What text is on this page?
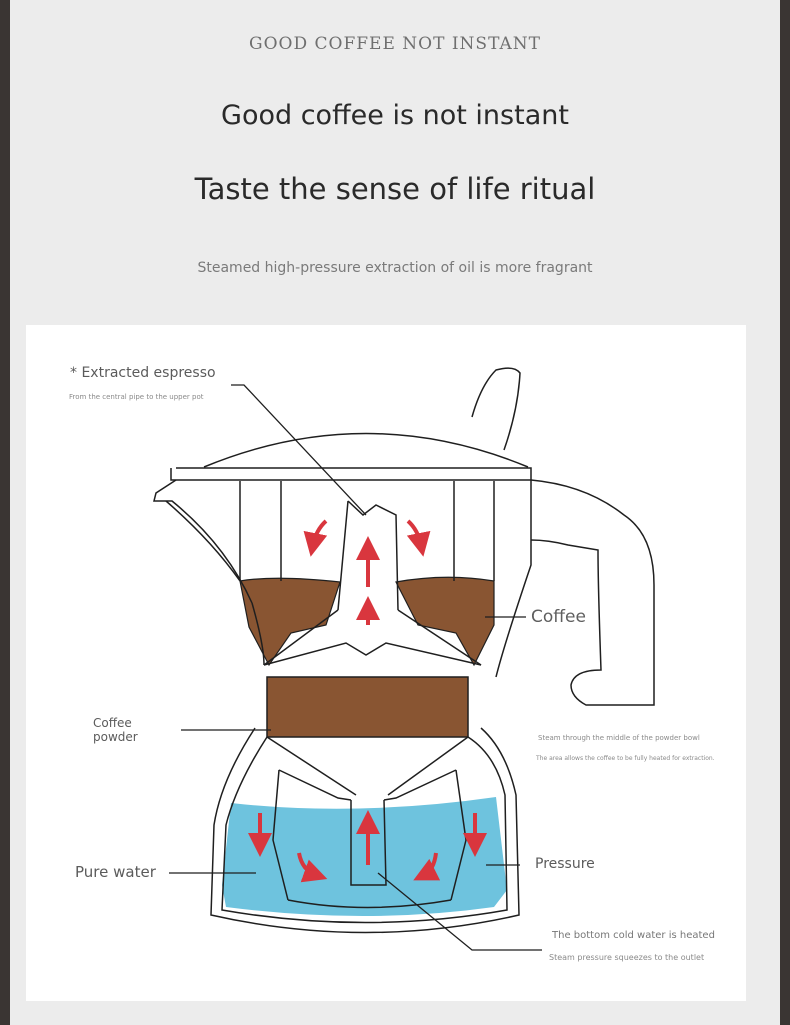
GOOD COFFEE NOT INSTANT
Good coffee is not instant
Taste the sense of life ritual
Steamed high-pressure extraction of oil is more fragrant
* Extracted espresso
From the central pipe to the upper pot
Coffee
Coffee
powder	Steam through the middle of the powder bowl
The area allows the coffee to be fully heated for extraction.
Pure water	Pressure
The bottom cold water is heated
Steam pressure squeezes to the outlet
